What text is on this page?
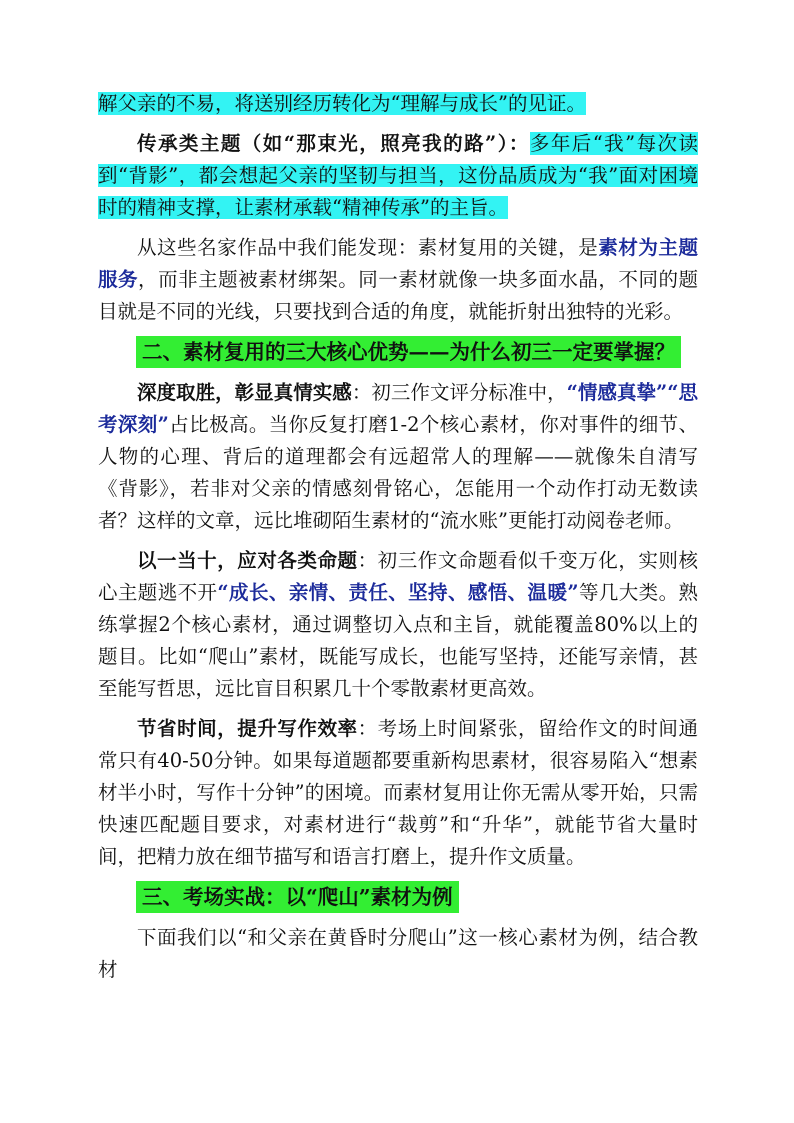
解父亲的不易，将送别经历转化为“理解与成长”的见证。

传承类主题（如“那束光，照亮我的路”）：多年后“我”每次读到“背影”，都会想起父亲的坚韧与担当，这份品质成为“我”面对困境时的精神支撑，让素材承载“精神传承”的主旨。

从这些名家作品中我们能发现：素材复用的关键，是素材为主题服务，而非主题被素材绑架。同一素材就像一块多面水晶，不同的题目就是不同的光线，只要找到合适的角度，就能折射出独特的光彩。

二、素材复用的三大核心优势——为什么初三一定要掌握？

深度取胜，彰显真情实感：初三作文评分标准中，“情感真挚”“思考深刻”占比极高。当你反复打磨1-2个核心素材，你对事件的细节、人物的心理、背后的道理都会有远超常人的理解——就像朱自清写《背影》，若非对父亲的情感刻骨铭心，怎能用一个动作打动无数读者？这样的文章，远比堆砌陌生素材的“流水账”更能打动阅卷老师。

以一当十，应对各类命题：初三作文命题看似千变万化，实则核心主题逃不开“成长、亲情、责任、坚持、感悟、温暖”等几大类。熟练掌握2个核心素材，通过调整切入点和主旨，就能覆盖80%以上的题目。比如“爬山”素材，既能写成长，也能写坚持，还能写亲情，甚至能写哲思，远比盲目积累几十个零散素材更高效。

节省时间，提升写作效率：考场上时间紧张，留给作文的时间通常只有40-50分钟。如果每道题都要重新构思素材，很容易陷入“想素材半小时，写作十分钟”的困境。而素材复用让你无需从零开始，只需快速匹配题目要求，对素材进行“裁剪”和“升华”，就能节省大量时间，把精力放在细节描写和语言打磨上，提升作文质量。

三、考场实战：以“爬山”素材为例

下面我们以“和父亲在黄昏时分爬山”这一核心素材为例，结合教材
